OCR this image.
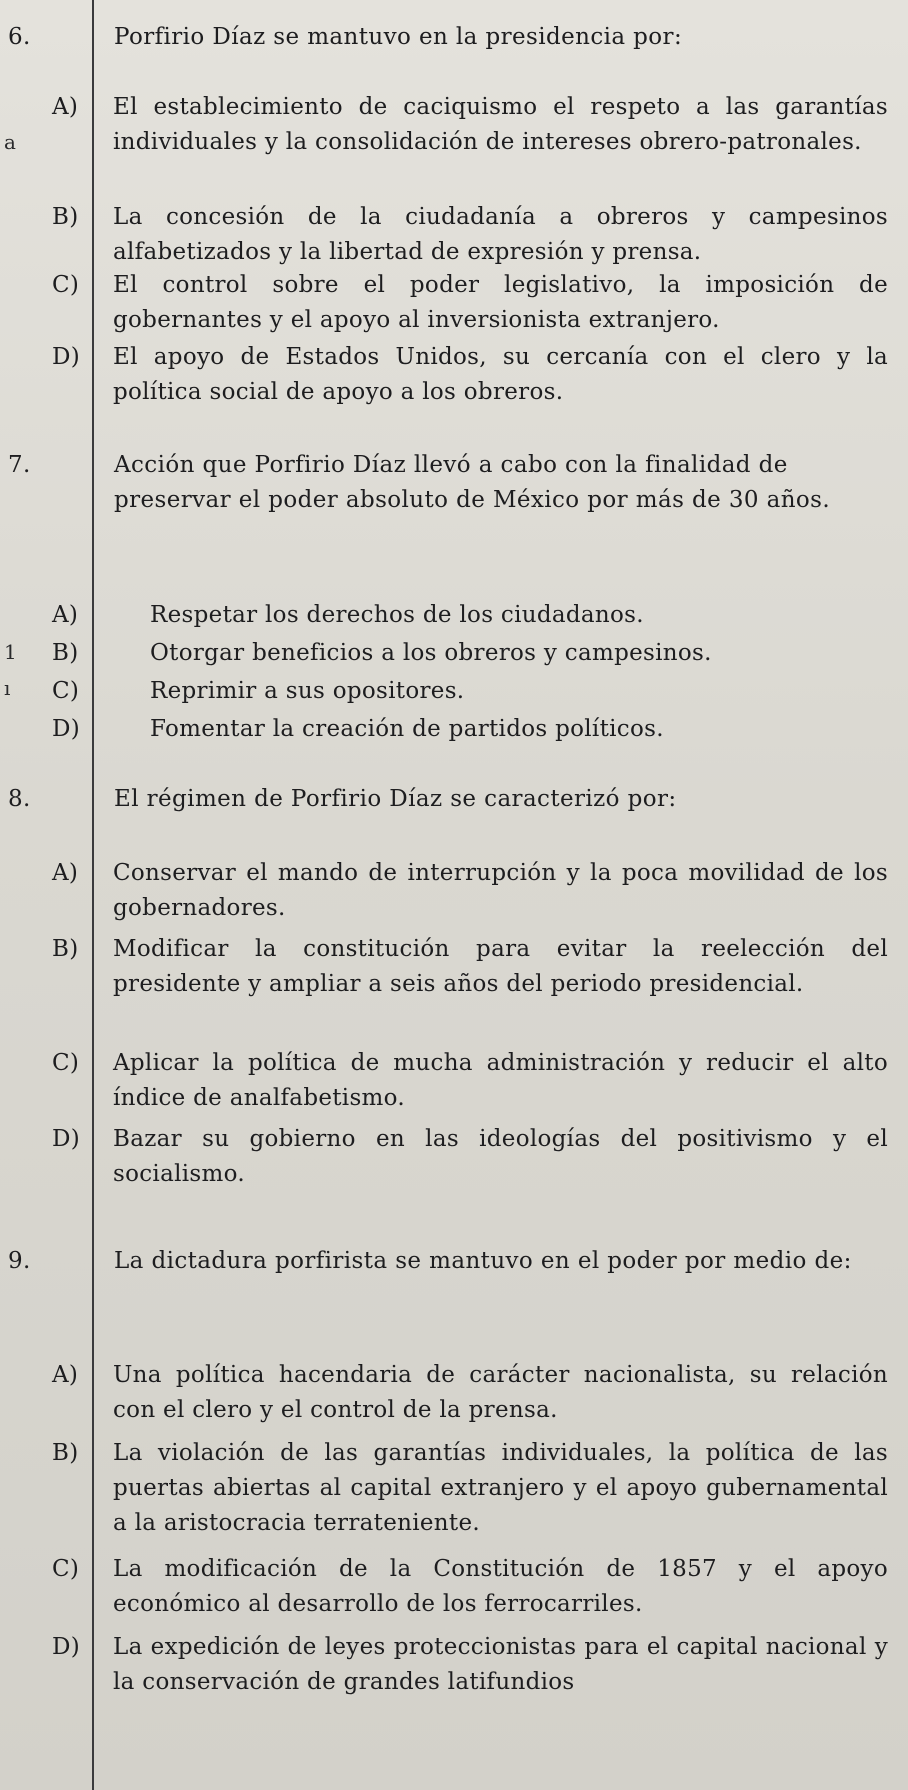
a
1
ı
6.	Porfirio Díaz se mantuvo en la presidencia por:
A) El establecimiento de caciquismo el respeto a las garantías individuales y la consolidación de intereses obrero-patronales.
B) La concesión de la ciudadanía a obreros y campesinos alfabetizados y la libertad de expresión y prensa.
C) El control sobre el poder legislativo, la imposición de gobernantes y el apoyo al inversionista extranjero.
D) El apoyo de Estados Unidos, su cercanía con el clero y la política social de apoyo a los obreros.
7.	Acción que Porfirio Díaz llevó a cabo con la finalidad de preservar el poder absoluto de México por más de 30 años.
A)	Respetar los derechos de los ciudadanos.
B)	Otorgar beneficios a los obreros y campesinos.
C)	Reprimir a sus opositores.
D)	Fomentar la creación de partidos políticos.
8.	El régimen de Porfirio Díaz se caracterizó por:
A) Conservar el mando de interrupción y la poca movilidad de los gobernadores.
B) Modificar la constitución para evitar la reelección del presidente y ampliar a seis años del periodo presidencial.
C) Aplicar la política de mucha administración y reducir el alto índice de analfabetismo.
D) Bazar su gobierno en las ideologías del positivismo y el socialismo.
9.	La dictadura porfirista se mantuvo en el poder por medio de:
A) Una política hacendaria de carácter nacionalista, su relación con el clero y el control de la prensa.
B) La violación de las garantías individuales, la política de las puertas abiertas al capital extranjero y el apoyo gubernamental a la aristocracia terrateniente.
C) La modificación de la Constitución de 1857 y el apoyo económico al desarrollo de los ferrocarriles.
D) La expedición de leyes proteccionistas para el capital nacional y la conservación de grandes latifundios
